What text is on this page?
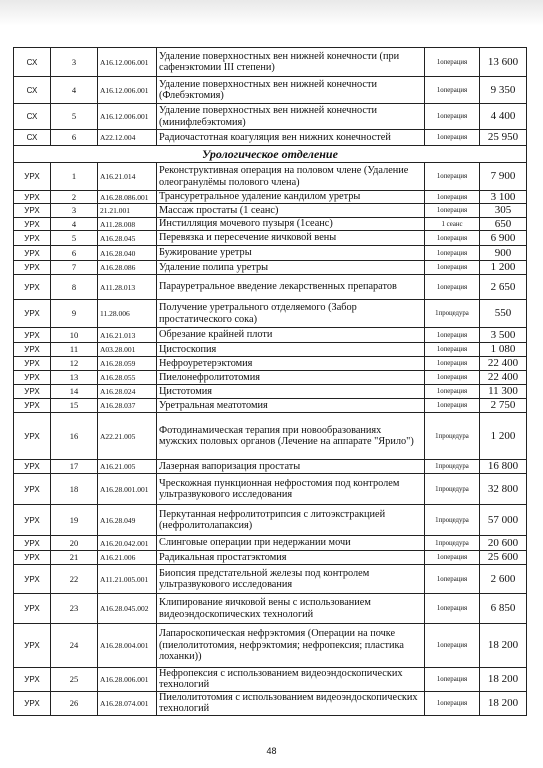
СХ	3	A16.12.006.001	Удаление поверхностных вен нижней конечности (при сафенэктомии III степени)	1операция	13 600
СХ	4	A16.12.006.001	Удаление поверхностных вен нижней конечности (Флебэктомия)	1операция	9 350
СХ	5	A16.12.006.001	Удаление поверхностных вен нижней конечности (минифлебэктомия)	1операция	4 400
СХ	6	A22.12.004	Радиочастотная коагуляция вен нижних конечностей	1операция	25 950
Урологическое отделение					
УРХ	1	A16.21.014	Реконструктивная операция на половом члене (Удаление олеогранулёмы полового члена)	1операция	7 900
УРХ	2	A16.28.086.001	Трансуретральное удаление кандилом уретры	1операция	3 100
УРХ	3	21.21.001	Массаж простаты (1 сеанс)	1операция	305
УРХ	4	A11.28.008	Инстилляция мочевого пузыря (1сеанс)	1 сеанс	650
УРХ	5	A16.28.045	Перевязка и пересечение яичковой вены	1операция	6 900
УРХ	6	A16.28.040	Бужирование уретры	1операция	900
УРХ	7	A16.28.086	Удаление полипа уретры	1операция	1 200
УРХ	8	A11.28.013	Парауретральное введение лекарственных препаратов	1операция	2 650
УРХ	9	11.28.006	Получение уретрального отделяемого (Забор простатического сока)	1процедура	550
УРХ	10	A16.21.013	Обрезание крайней плоти	1операция	3 500
УРХ	11	A03.28.001	Цистоскопия	1операция	1 080
УРХ	12	A16.28.059	Нефроуретерэктомия	1операция	22 400
УРХ	13	A16.28.055	Пиелонефролитотомия	1операция	22 400
УРХ	14	A16.28.024	Цистотомия	1операция	11 300
УРХ	15	A16.28.037	Уретральная меатотомия	1операция	2 750
УРХ	16	A22.21.005	Фотодинамическая терапия при новообразованиях мужских половых органов (Лечение на аппарате "Ярило")	1процедура	1 200
УРХ	17	A16.21.005	Лазерная вапоризация простаты	1процедура	16 800
УРХ	18	A16.28.001.001	Чрескожная пункционная нефростомия под контролем ультразвукового исследования	1процедура	32 800
УРХ	19	A16.28.049	Перкутанная нефролитотрипсия с литоэкстракцией (нефролитолапаксия)	1процедура	57 000
УРХ	20	A16.20.042.001	Слинговые операции при недержании мочи	1процедура	20 600
УРХ	21	A16.21.006	Радикальная простатэктомия	1операция	25 600
УРХ	22	A11.21.005.001	Биопсия предстательной железы под контролем ультразвукового исследования	1операция	2 600
УРХ	23	A16.28.045.002	Клипирование яичковой вены с использованием видеоэндоскопических технологий	1операция	6 850
УРХ	24	A16.28.004.001	Лапароскопическая нефрэктомия (Операции на почке (пиелолитотомия, нефрэктомия; нефропексия; пластика лоханки))	1операция	18 200
УРХ	25	A16.28.006.001	Нефропексия с использованием видеоэндоскопических технологий	1операция	18 200
УРХ	26	A16.28.074.001	Пиелолитотомия с использованием видеоэндоскопических технологий	1операция	18 200
48
